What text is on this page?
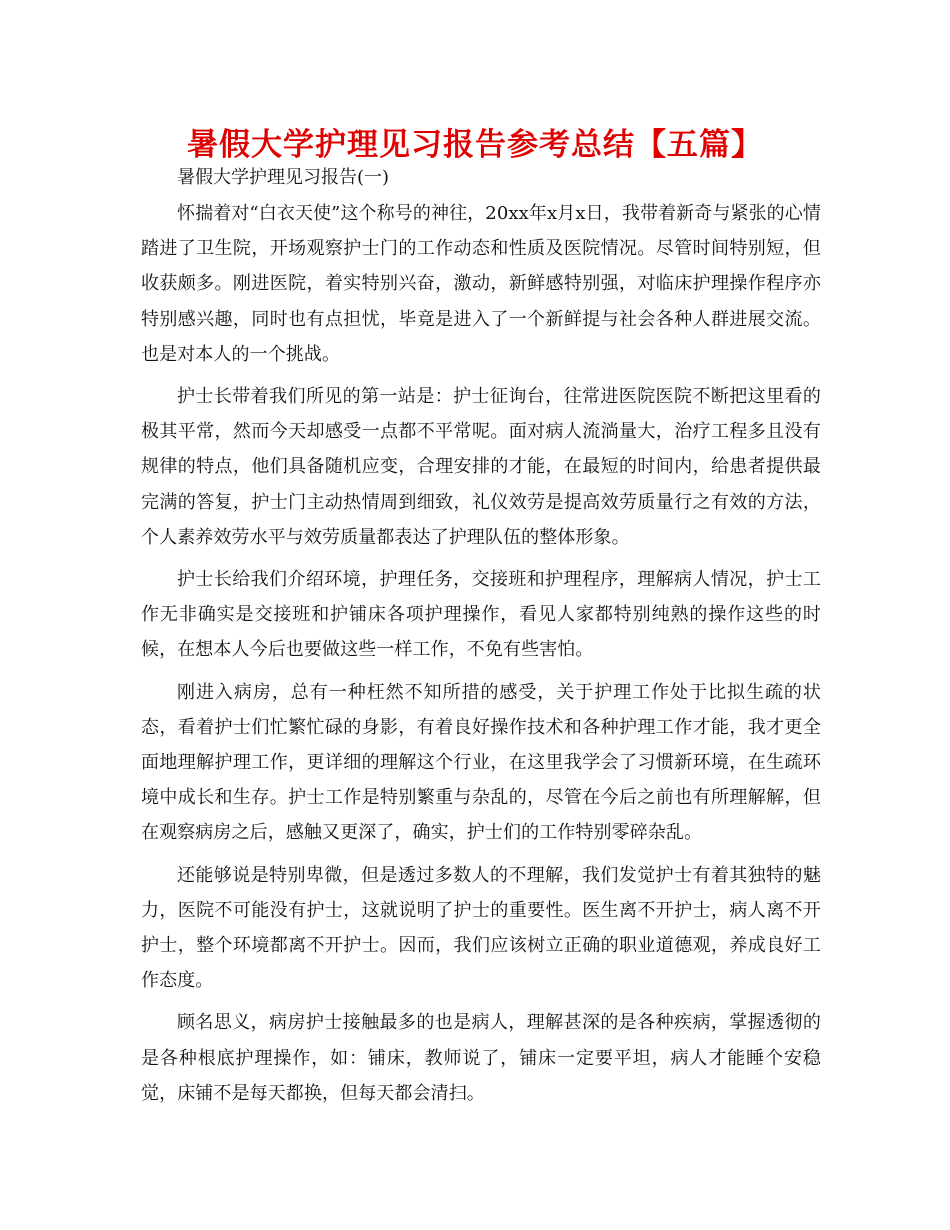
暑假大学护理见习报告参考总结【五篇】

暑假大学护理见习报告(一)

怀揣着对“白衣天使”这个称号的神往，20xx年x月x日，我带着新奇与紧张的心情踏进了卫生院，开场观察护士门的工作动态和性质及医院情况。尽管时间特别短，但收获颇多。刚进医院，着实特别兴奋，激动，新鲜感特别强，对临床护理操作程序亦特别感兴趣，同时也有点担忧，毕竟是进入了一个新鲜提与社会各种人群进展交流。也是对本人的一个挑战。

护士长带着我们所见的第一站是：护士征询台，往常进医院医院不断把这里看的极其平常，然而今天却感受一点都不平常呢。面对病人流淌量大，治疗工程多且没有规律的特点，他们具备随机应变，合理安排的才能，在最短的时间内，给患者提供最完满的答复，护士门主动热情周到细致，礼仪效劳是提高效劳质量行之有效的方法，个人素养效劳水平与效劳质量都表达了护理队伍的整体形象。

护士长给我们介绍环境，护理任务，交接班和护理程序，理解病人情况，护士工作无非确实是交接班和护铺床各项护理操作，看见人家都特别纯熟的操作这些的时候，在想本人今后也要做这些一样工作，不免有些害怕。

刚进入病房，总有一种枉然不知所措的感受，关于护理工作处于比拟生疏的状态，看着护士们忙繁忙碌的身影，有着良好操作技术和各种护理工作才能，我才更全面地理解护理工作，更详细的理解这个行业，在这里我学会了习惯新环境，在生疏环境中成长和生存。护士工作是特别繁重与杂乱的，尽管在今后之前也有所理解解，但在观察病房之后，感触又更深了，确实，护士们的工作特别零碎杂乱。

还能够说是特别卑微，但是透过多数人的不理解，我们发觉护士有着其独特的魅力，医院不可能没有护士，这就说明了护士的重要性。医生离不开护士，病人离不开护士，整个环境都离不开护士。因而，我们应该树立正确的职业道德观，养成良好工作态度。

顾名思义，病房护士接触最多的也是病人，理解甚深的是各种疾病，掌握透彻的是各种根底护理操作，如：铺床，教师说了，铺床一定要平坦，病人才能睡个安稳觉，床铺不是每天都换，但每天都会清扫。
